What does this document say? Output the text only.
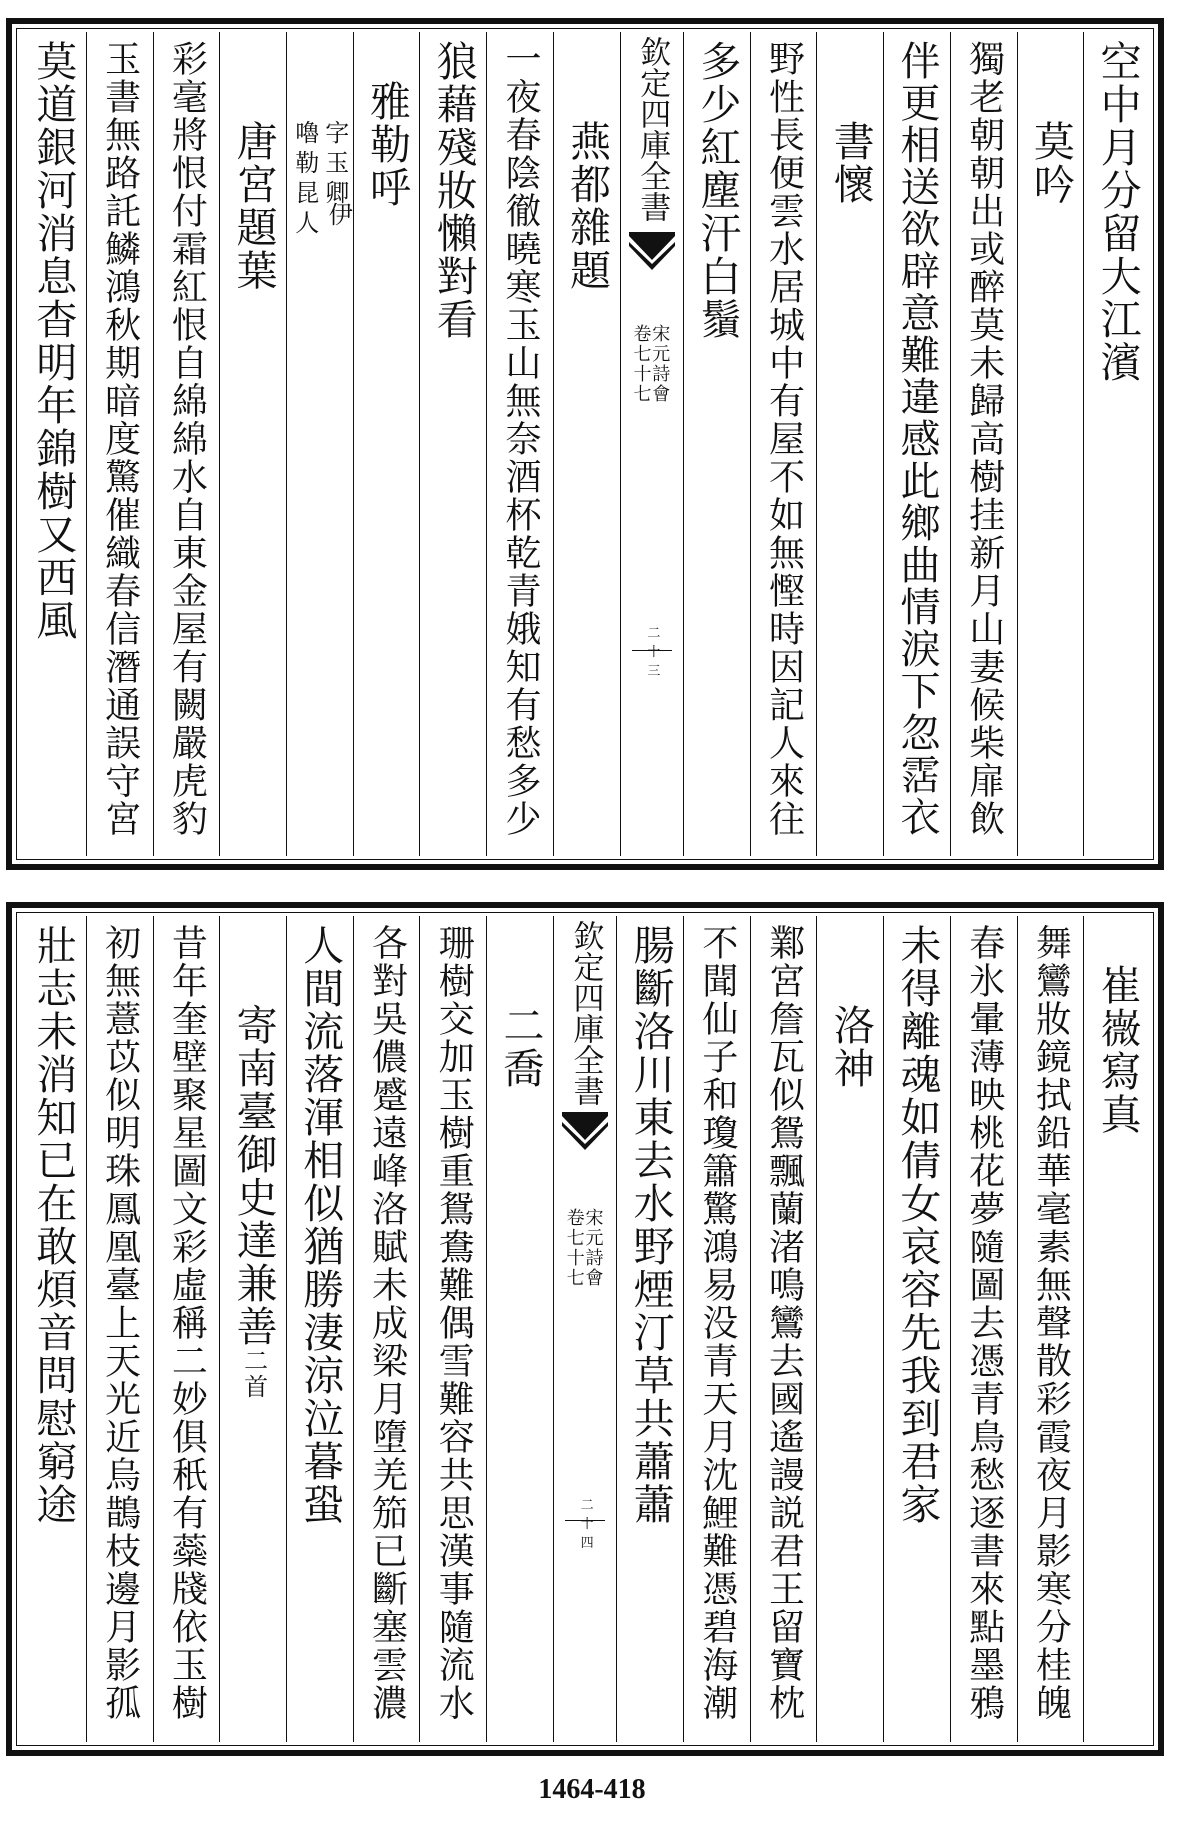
空中月分留大江濱
莫吟
獨老朝朝出或醉莫未歸高樹挂新月山妻候柴扉飲
伴更相送欲辟意難違感此鄉曲情淚下忽霑衣
書懷
野性長便雲水居城中有屋不如無慳時因記人來往
多少紅塵汗白鬚
欽定四庫全書
宋元詩會
卷七十七
二十三
燕都雜題
一夜春陰徹曉寒玉山無奈酒杯乾青娥知有愁多少
狼藉殘妝懶對看
雅勒呼
字玉卿
嚕勒昆人 伊
唐宮題葉
彩毫將恨付霜紅恨自綿綿水自東金屋有闕嚴虎豹
玉書無路託鱗鴻秋期暗度驚催織春信潛通誤守宮
莫道銀河消息杳明年錦樹又西風
崔嶶寫真
舞鸞妝鏡拭鉛華毫素無聲散彩霞夜月影寒分桂魄
春氷暈薄映桃花夢隨圖去憑青鳥愁逐書來點墨鴉
未得離魂如倩女哀容先我到君家
洛神
鄴宮詹瓦似鴛飄蘭渚鳴鸞去國遙謾説君王留寶枕
不聞仙子和瓊簫驚鴻易没青天月沈鯉難憑碧海潮
腸斷洛川東去水野煙汀草共蕭蕭
欽定四庫全書
宋元詩會
卷七十七
二十四
二喬
珊樹交加玉樹重鴛鴦難偶雪難容共思漢事隨流水
各對吳儂蹙遠峰洛賦未成梁月墮羌笳已斷塞雲濃
人間流落渾相似猶勝淒涼泣暮蛩
寄南臺御史達兼善二首
昔年奎壁聚星圖文彩虛稱二妙俱秖有蘂牋依玉樹
初無薏苡似明珠鳳凰臺上天光近烏鵲枝邊月影孤
壯志未消知已在敢煩音問慰窮途
1464-418
